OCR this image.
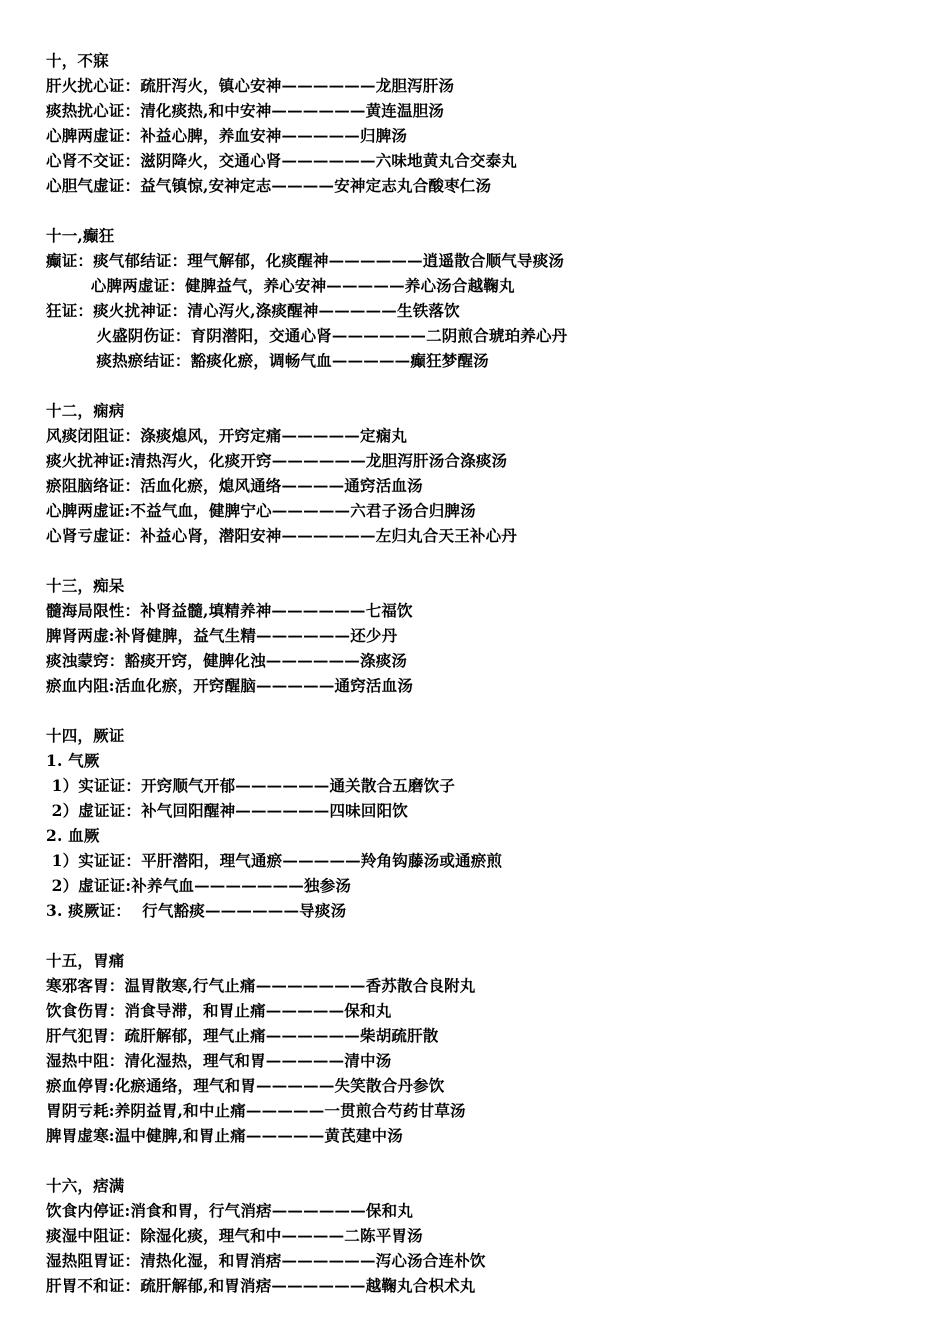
十，不寐
肝火扰心证：疏肝泻火，镇心安神——————龙胆泻肝汤
痰热扰心证：清化痰热,和中安神——————黄连温胆汤
心脾两虚证：补益心脾，养血安神—————归脾汤
心肾不交证：滋阴降火，交通心肾——————六味地黄丸合交泰丸
心胆气虚证：益气镇惊,安神定志————安神定志丸合酸枣仁汤
十一,癫狂
癫证：痰气郁结证：理气解郁，化痰醒神——————逍遥散合顺气导痰汤
心脾两虚证：健脾益气，养心安神—————养心汤合越鞠丸
狂证：痰火扰神证：清心泻火,涤痰醒神—————生铁落饮
火盛阴伤证：育阴潜阳，交通心肾——————二阴煎合琥珀养心丹
痰热瘀结证：豁痰化瘀，调畅气血—————癫狂梦醒汤
十二，痫病
风痰闭阻证：涤痰熄风，开窍定痛—————定痫丸
痰火扰神证:清热泻火，化痰开窍——————龙胆泻肝汤合涤痰汤
瘀阻脑络证：活血化瘀，熄风通络————通窍活血汤
心脾两虚证:不益气血，健脾宁心—————六君子汤合归脾汤
心肾亏虚证：补益心肾，潜阳安神——————左归丸合天王补心丹
十三，痴呆
髓海局限性：补肾益髓,填精养神——————七福饮
脾肾两虚:补肾健脾，益气生精——————还少丹
痰浊蒙窍：豁痰开窍，健脾化浊——————涤痰汤
瘀血内阻:活血化瘀，开窍醒脑—————通窍活血汤
十四，厥证
1. 气厥
1）实证证：开窍顺气开郁——————通关散合五磨饮子
2）虚证证：补气回阳醒神——————四味回阳饮
2. 血厥
1）实证证：平肝潜阳，理气通瘀—————羚角钩藤汤或通瘀煎
2）虚证证:补养气血———————独参汤
3. 痰厥证：  行气豁痰——————导痰汤
十五，胃痛
寒邪客胃：温胃散寒,行气止痛———————香苏散合良附丸
饮食伤胃：消食导滞，和胃止痛—————保和丸
肝气犯胃：疏肝解郁，理气止痛——————柴胡疏肝散
湿热中阻：清化湿热，理气和胃—————清中汤
瘀血停胃:化瘀通络，理气和胃—————失笑散合丹参饮
胃阴亏耗:养阴益胃,和中止痛—————一贯煎合芍药甘草汤
脾胃虚寒:温中健脾,和胃止痛—————黄芪建中汤
十六，痞满
饮食内停证:消食和胃，行气消痞——————保和丸
痰湿中阻证：除湿化痰，理气和中————二陈平胃汤
湿热阻胃证：清热化湿，和胃消痞——————泻心汤合连朴饮
肝胃不和证：疏肝解郁,和胃消痞——————越鞠丸合枳术丸
